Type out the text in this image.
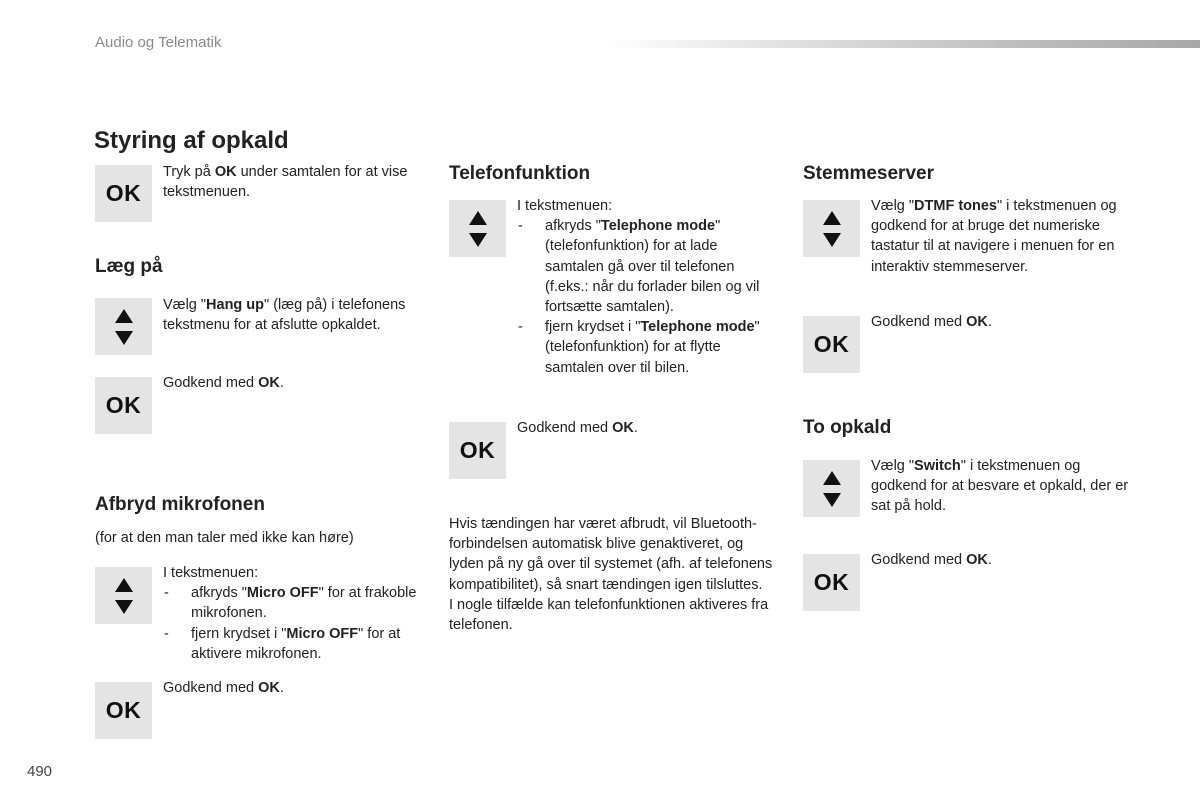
Audio og Telematik
Styring af opkald
OK
Tryk på OK under samtalen for at vise tekstmenuen.
Læg på
Vælg "Hang up" (læg på) i telefonens tekstmenu for at afslutte opkaldet.
OK
Godkend med OK.
Afbryd mikrofonen
(for at den man taler med ikke kan høre)
I tekstmenuen:
- afkryds "Micro OFF" for at frakoble mikrofonen.
- fjern krydset i "Micro OFF" for at aktivere mikrofonen.
OK
Godkend med OK.
Telefonfunktion
I tekstmenuen:
- afkryds "Telephone mode" (telefonfunktion) for at lade samtalen gå over til telefonen (f.eks.: når du forlader bilen og vil fortsætte samtalen).
- fjern krydset i "Telephone mode" (telefonfunktion) for at flytte samtalen over til bilen.
OK
Godkend med OK.
Hvis tændingen har været afbrudt, vil Bluetooth-forbindelsen automatisk blive genaktiveret, og lyden på ny gå over til systemet (afh. af telefonens kompatibilitet), så snart tændingen igen tilsluttes.
I nogle tilfælde kan telefonfunktionen aktiveres fra telefonen.
Stemmeserver
Vælg "DTMF tones" i tekstmenuen og godkend for at bruge det numeriske tastatur til at navigere i menuen for en interaktiv stemmeserver.
OK
Godkend med OK.
To opkald
Vælg "Switch" i tekstmenuen og godkend for at besvare et opkald, der er sat på hold.
OK
Godkend med OK.
490
